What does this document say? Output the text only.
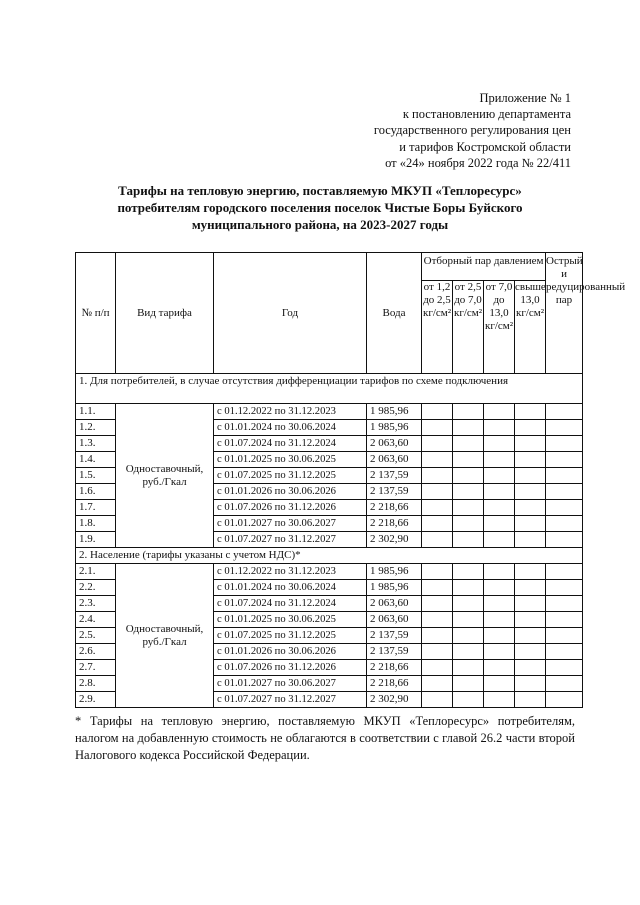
Приложение № 1
к постановлению департамента
государственного регулирования цен
и тарифов Костромской области
от «24» ноября 2022 года № 22/411
Тарифы на тепловую энергию, поставляемую МКУП «Теплоресурс»
потребителям городского поселения поселок Чистые Боры Буйского
муниципального района, на 2023-2027 годы
№ п/п	Вид тарифа	Год	Вода	Отборный пар давлением				Острый и редуцированный пар
				от 1,2 до 2,5 кг/см²	от 2,5 до 7,0 кг/см²	от 7,0 до 13,0 кг/см²	свыше 13,0 кг/см²	
1. Для потребителей, в случае отсутствия дифференциации тарифов по схеме подключения								
1.1.	Одноставочный, руб./Гкал	с 01.12.2022 по 31.12.2023	1 985,96					
1.2.		с 01.01.2024 по 30.06.2024	1 985,96					
1.3.		с 01.07.2024 по 31.12.2024	2 063,60					
1.4.		с 01.01.2025 по 30.06.2025	2 063,60					
1.5.		с 01.07.2025 по 31.12.2025	2 137,59					
1.6.		с 01.01.2026 по 30.06.2026	2 137,59					
1.7.		с 01.07.2026 по 31.12.2026	2 218,66					
1.8.		с 01.01.2027 по 30.06.2027	2 218,66					
1.9.		с 01.07.2027 по 31.12.2027	2 302,90					
2. Население (тарифы указаны с учетом НДС)*								
2.1.	Одноставочный, руб./Гкал	с 01.12.2022 по 31.12.2023	1 985,96					
2.2.		с 01.01.2024 по 30.06.2024	1 985,96					
2.3.		с 01.07.2024 по 31.12.2024	2 063,60					
2.4.		с 01.01.2025 по 30.06.2025	2 063,60					
2.5.		с 01.07.2025 по 31.12.2025	2 137,59					
2.6.		с 01.01.2026 по 30.06.2026	2 137,59					
2.7.		с 01.07.2026 по 31.12.2026	2 218,66					
2.8.		с 01.01.2027 по 30.06.2027	2 218,66					
2.9.		с 01.07.2027 по 31.12.2027	2 302,90					
* Тарифы на тепловую энергию, поставляемую МКУП «Теплоресурс» потребителям, налогом на добавленную стоимость не облагаются в соответствии с главой 26.2 части второй Налогового кодекса Российской Федерации.
